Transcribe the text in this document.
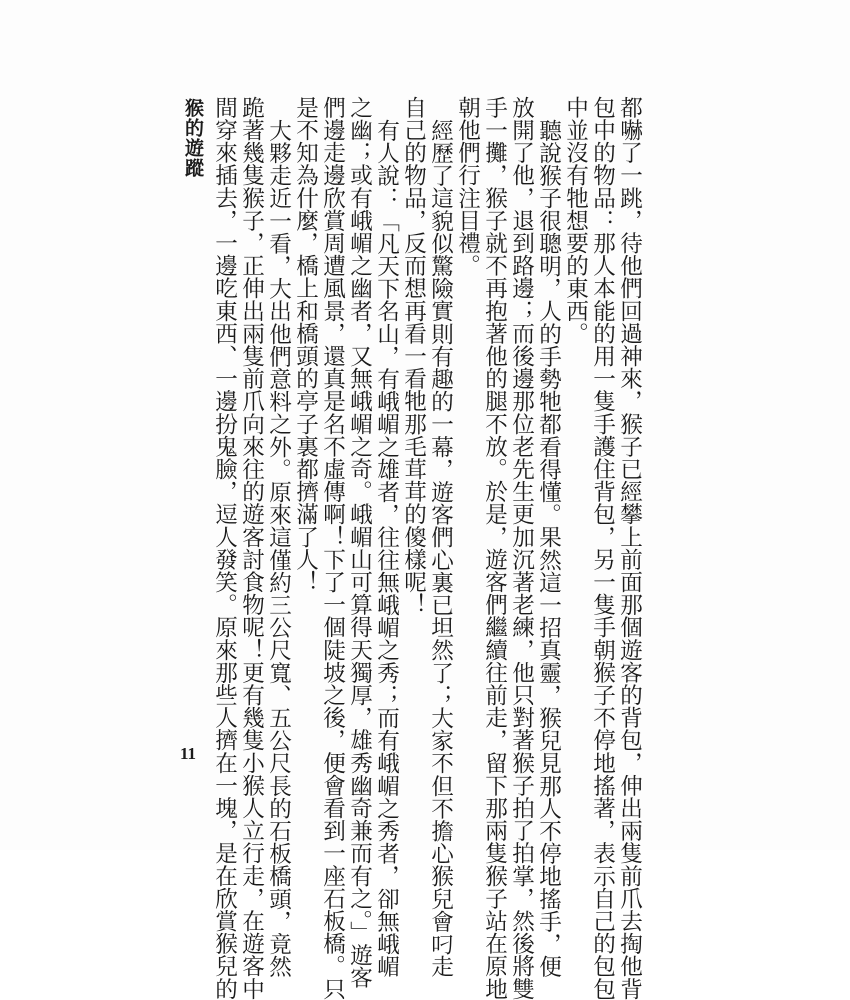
都嚇了一跳，待他們回過神來，猴子已經攀上前面那個遊客的背包，伸出兩隻前爪去掏他背
包中的物品：那人本能的用一隻手護住背包，另一隻手朝猴子不停地搖著，表示自己的包包
中並沒有牠想要的東西。
聽說猴子很聰明，人的手勢牠都看得懂。果然這一招真靈，猴兒見那人不停地搖手，便
放開了他，退到路邊；而後邊那位老先生更加沉著老練，他只對著猴子拍了拍掌，然後將雙
手一攤，猴子就不再抱著他的腿不放。於是，遊客們繼續往前走，留下那兩隻猴子站在原地
朝他們行注目禮。
經歷了這貌似驚險實則有趣的一幕，遊客們心裏已坦然了；大家不但不擔心猴兒會叼走
自己的物品，反而想再看一看牠那毛茸茸的傻樣呢！
有人說：「凡天下名山，有峨嵋之雄者，往往無峨嵋之秀；而有峨嵋之秀者，卻無峨嵋
之幽；或有峨嵋之幽者，又無峨嵋之奇。峨嵋山可算得天獨厚，雄秀幽奇兼而有之。」遊客
們邊走邊欣賞周遭風景，還真是名不虛傳啊！下了一個陡坡之後，便會看到一座石板橋。只
是不知為什麼，橋上和橋頭的亭子裏都擠滿了人！
大夥走近一看，大出他們意料之外。原來這僅約三公尺寬、五公尺長的石板橋頭，竟然
跪著幾隻猴子，正伸出兩隻前爪向來往的遊客討食物呢！更有幾隻小猴人立行走，在遊客中
間穿來插去，一邊吃東西、一邊扮鬼臉，逗人發笑。原來那些人擠在一塊，是在欣賞猴兒的
猴的遊蹤
11
